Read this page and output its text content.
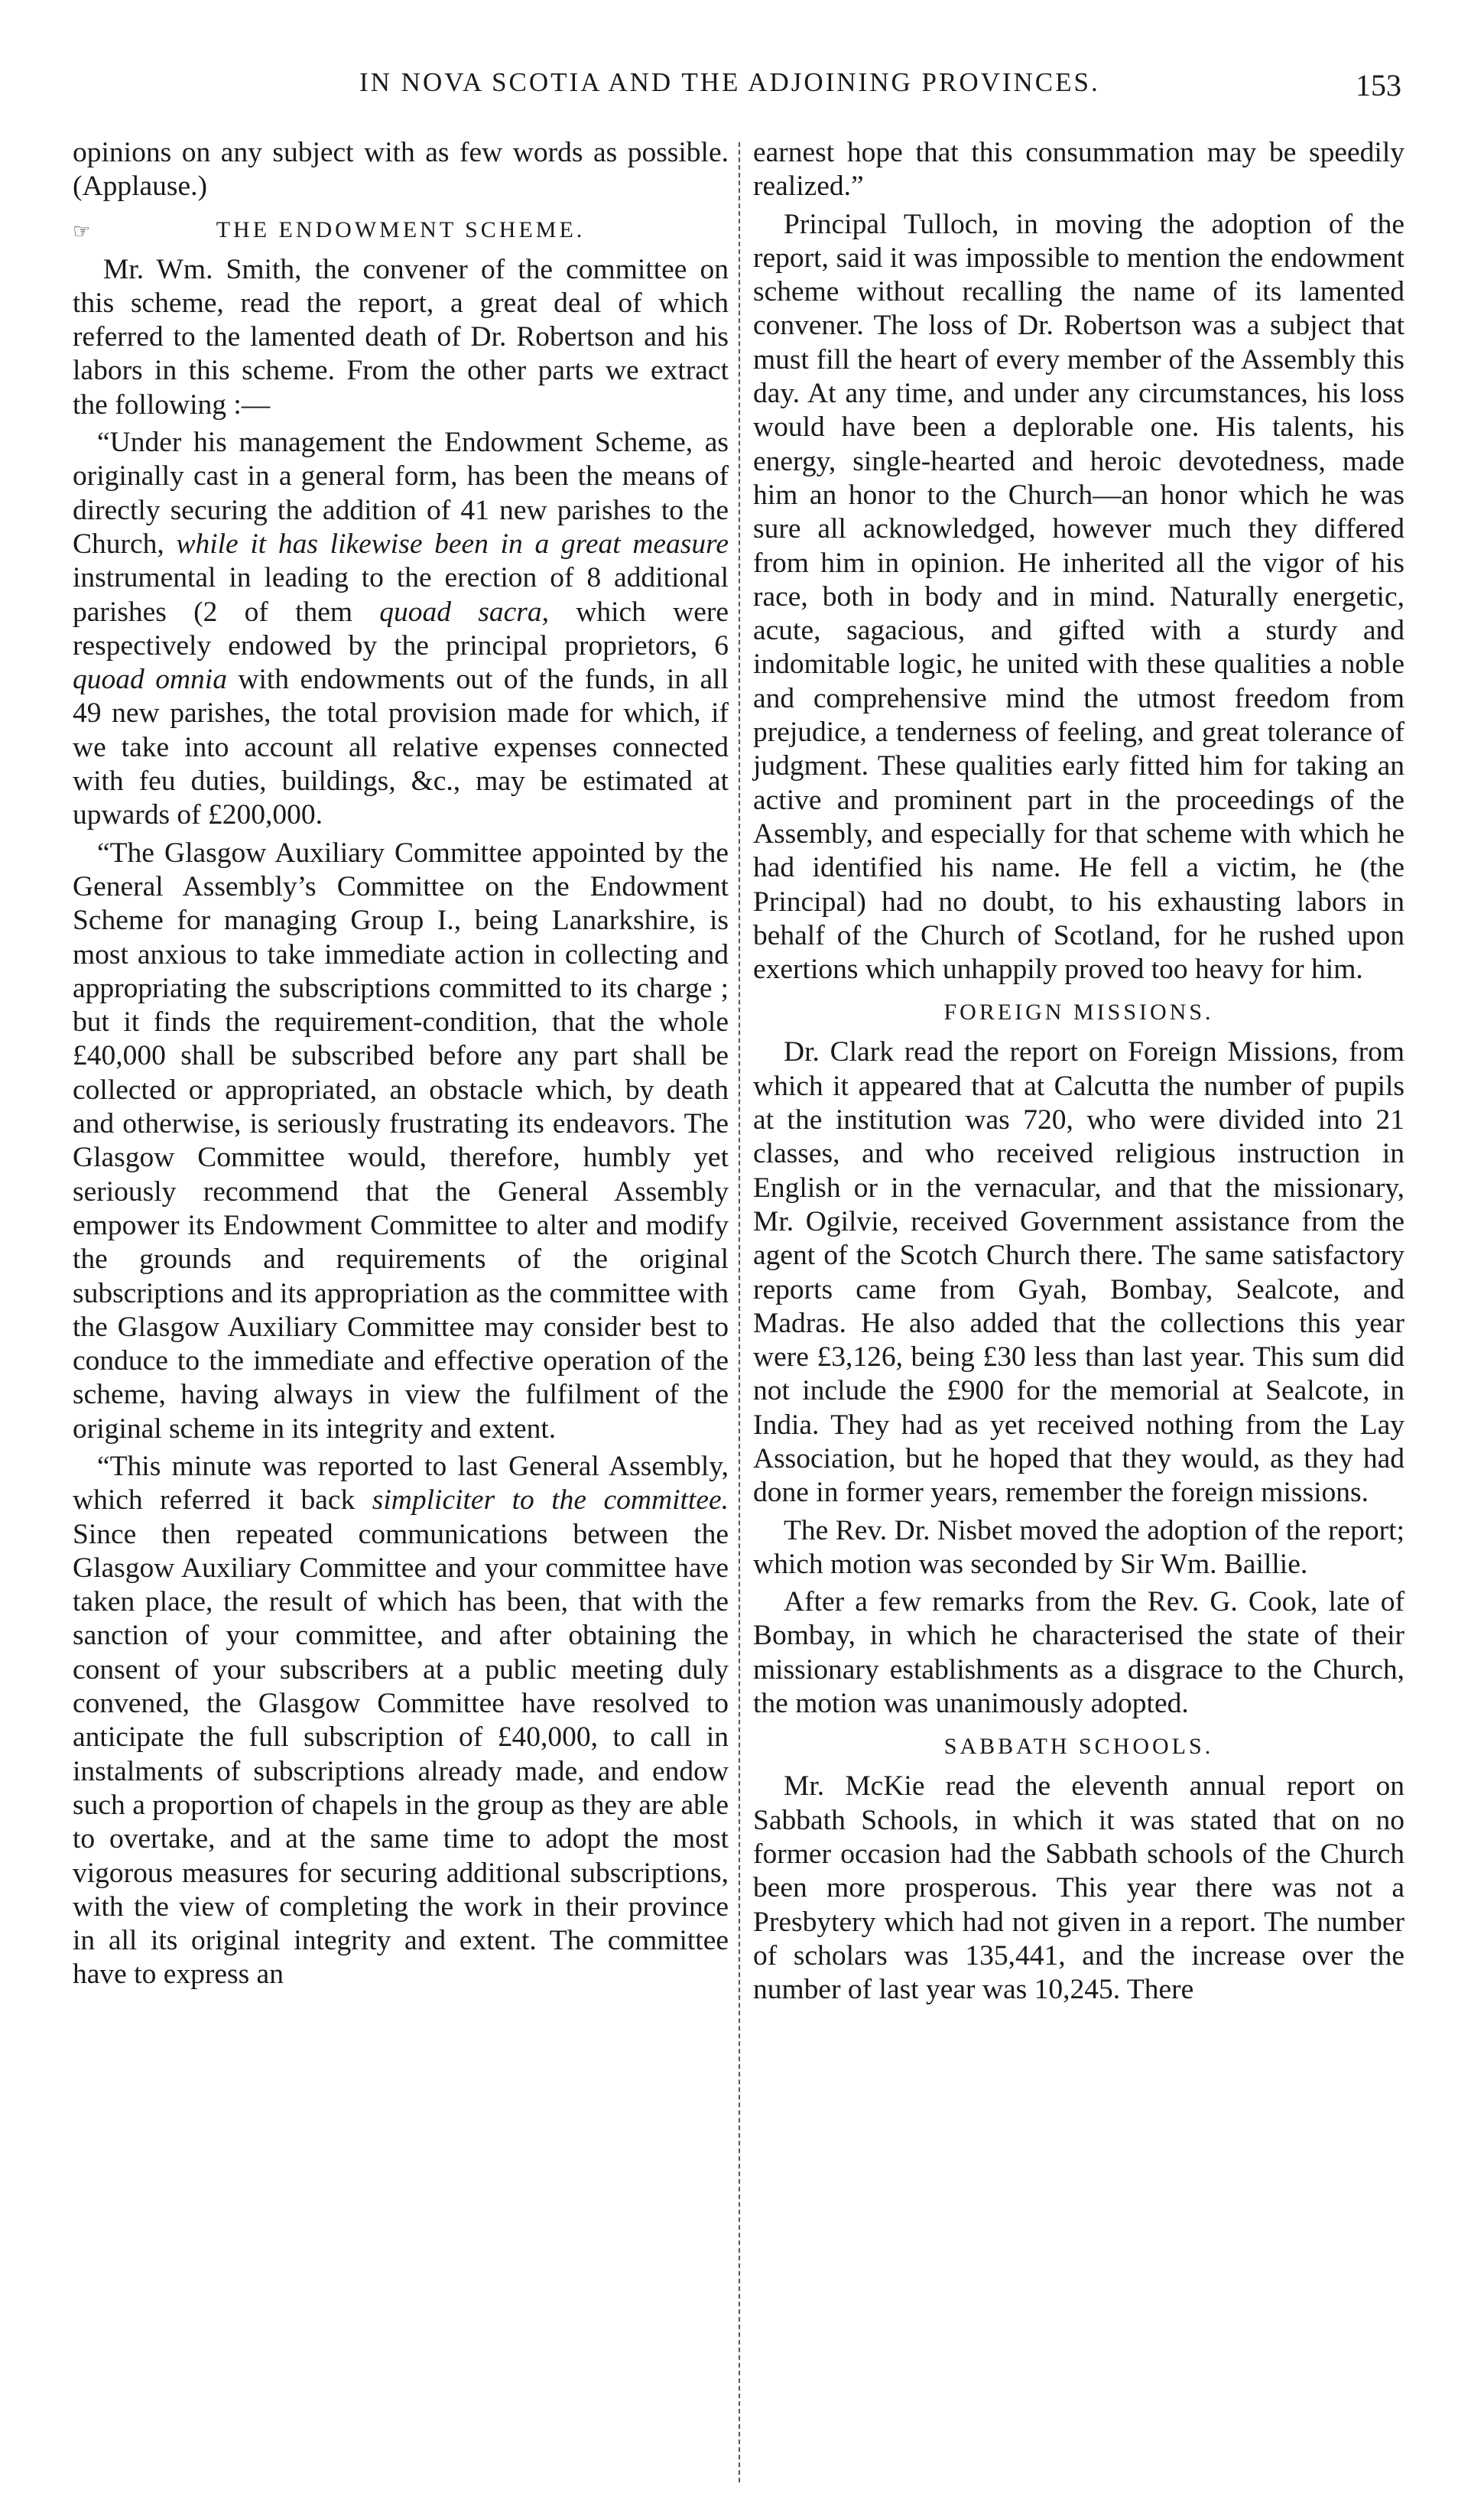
IN NOVA SCOTIA AND THE ADJOINING PROVINCES.	153

opinions on any subject with as few words as possible. (Applause.)

☞	THE ENDOWMENT SCHEME.

Mr. Wm. Smith, the convener of the committee on this scheme, read the report, a great deal of which referred to the lamented death of Dr. Robertson and his labors in this scheme. From the other parts we extract the following :—

“Under his management the Endowment Scheme, as originally cast in a general form, has been the means of directly securing the addition of 41 new parishes to the Church, while it has likewise been in a great measure instrumental in leading to the erection of 8 additional parishes (2 of them quoad sacra, which were respectively endowed by the principal proprietors, 6 quoad omnia with endowments out of the funds, in all 49 new parishes, the total provision made for which, if we take into account all relative expenses connected with feu duties, buildings, &c., may be estimated at upwards of £200,000.

“The Glasgow Auxiliary Committee appointed by the General Assembly’s Committee on the Endowment Scheme for managing Group I., being Lanarkshire, is most anxious to take immediate action in collecting and appropriating the subscriptions committed to its charge ; but it finds the requirement-condition, that the whole £40,000 shall be subscribed before any part shall be collected or appropriated, an obstacle which, by death and otherwise, is seriously frustrating its endeavors. The Glasgow Committee would, therefore, humbly yet seriously recommend that the General Assembly empower its Endowment Committee to alter and modify the grounds and requirements of the original subscriptions and its appropriation as the committee with the Glasgow Auxiliary Committee may consider best to conduce to the immediate and effective operation of the scheme, having always in view the fulfilment of the original scheme in its integrity and extent.

“This minute was reported to last General Assembly, which referred it back simpliciter to the committee. Since then repeated communications between the Glasgow Auxiliary Committee and your committee have taken place, the result of which has been, that with the sanction of your committee, and after obtaining the consent of your subscribers at a public meeting duly convened, the Glasgow Committee have resolved to anticipate the full subscription of £40,000, to call in instalments of subscriptions already made, and endow such a proportion of chapels in the group as they are able to overtake, and at the same time to adopt the most vigorous measures for securing additional subscriptions, with the view of completing the work in their province in all its original integrity and extent. The committee have to express an

earnest hope that this consummation may be speedily realized.”

Principal Tulloch, in moving the adoption of the report, said it was impossible to mention the endowment scheme without recalling the name of its lamented convener. The loss of Dr. Robertson was a subject that must fill the heart of every member of the Assembly this day. At any time, and under any circumstances, his loss would have been a deplorable one. His talents, his energy, single-hearted and heroic devotedness, made him an honor to the Church—an honor which he was sure all acknowledged, however much they differed from him in opinion. He inherited all the vigor of his race, both in body and in mind. Naturally energetic, acute, sagacious, and gifted with a sturdy and indomitable logic, he united with these qualities a noble and comprehensive mind the utmost freedom from prejudice, a tenderness of feeling, and great tolerance of judgment. These qualities early fitted him for taking an active and prominent part in the proceedings of the Assembly, and especially for that scheme with which he had identified his name. He fell a victim, he (the Principal) had no doubt, to his exhausting labors in behalf of the Church of Scotland, for he rushed upon exertions which unhappily proved too heavy for him.

FOREIGN MISSIONS.

Dr. Clark read the report on Foreign Missions, from which it appeared that at Calcutta the number of pupils at the institution was 720, who were divided into 21 classes, and who received religious instruction in English or in the vernacular, and that the missionary, Mr. Ogilvie, received Government assistance from the agent of the Scotch Church there. The same satisfactory reports came from Gyah, Bombay, Sealcote, and Madras. He also added that the collections this year were £3,126, being £30 less than last year. This sum did not include the £900 for the memorial at Sealcote, in India. They had as yet received nothing from the Lay Association, but he hoped that they would, as they had done in former years, remember the foreign missions.

The Rev. Dr. Nisbet moved the adoption of the report; which motion was seconded by Sir Wm. Baillie.

After a few remarks from the Rev. G. Cook, late of Bombay, in which he characterised the state of their missionary establishments as a disgrace to the Church, the motion was unanimously adopted.

SABBATH SCHOOLS.

Mr. McKie read the eleventh annual report on Sabbath Schools, in which it was stated that on no former occasion had the Sabbath schools of the Church been more prosperous. This year there was not a Presbytery which had not given in a report. The number of scholars was 135,441, and the increase over the number of last year was 10,245. There
